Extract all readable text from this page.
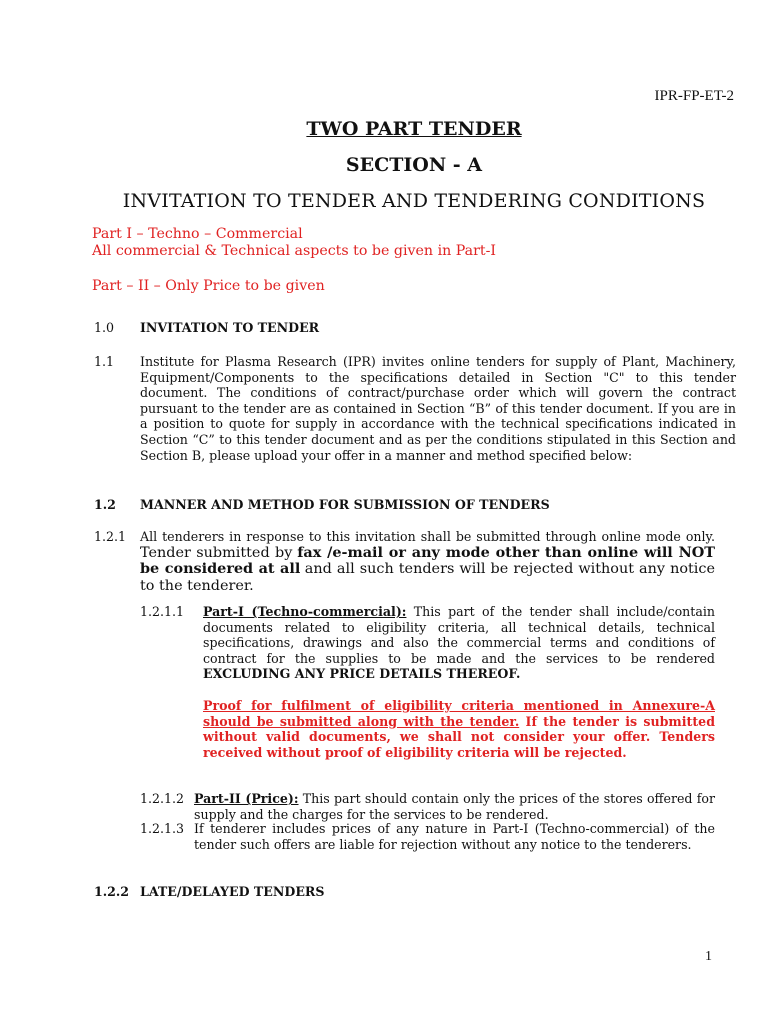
IPR-FP-ET-2
TWO PART TENDER
SECTION - A
INVITATION TO TENDER AND TENDERING CONDITIONS
Part I – Techno – Commercial
All commercial & Technical aspects to be given in Part-I
Part – II – Only Price to be given
1.0 INVITATION TO TENDER
1.1 Institute for Plasma Research (IPR) invites online tenders for supply of Plant, Machinery, Equipment/Components to the specifications detailed in Section "C" to this tender document. The conditions of contract/purchase order which will govern the contract pursuant to the tender are as contained in Section “B” of this tender document. If you are in a position to quote for supply in accordance with the technical specifications indicated in Section “C” to this tender document and as per the conditions stipulated in this Section and Section B, please upload your offer in a manner and method specified below:
1.2 MANNER AND METHOD FOR SUBMISSION OF TENDERS
1.2.1 All tenderers in response to this invitation shall be submitted through online mode only. Tender submitted by fax /e-mail or any mode other than online will NOT be considered at all and all such tenders will be rejected without any notice to the tenderer.
1.2.1.1 Part-I (Techno-commercial): This part of the tender shall include/contain documents related to eligibility criteria, all technical details, technical specifications, drawings and also the commercial terms and conditions of contract for the supplies to be made and the services to be rendered EXCLUDING ANY PRICE DETAILS THEREOF.
Proof for fulfilment of eligibility criteria mentioned in Annexure-A should be submitted along with the tender. If the tender is submitted without valid documents, we shall not consider your offer. Tenders received without proof of eligibility criteria will be rejected.
1.2.1.2 Part-II (Price): This part should contain only the prices of the stores offered for supply and the charges for the services to be rendered.
1.2.1.3 If tenderer includes prices of any nature in Part-I (Techno-commercial) of the tender such offers are liable for rejection without any notice to the tenderers.
1.2.2 LATE/DELAYED TENDERS
1
